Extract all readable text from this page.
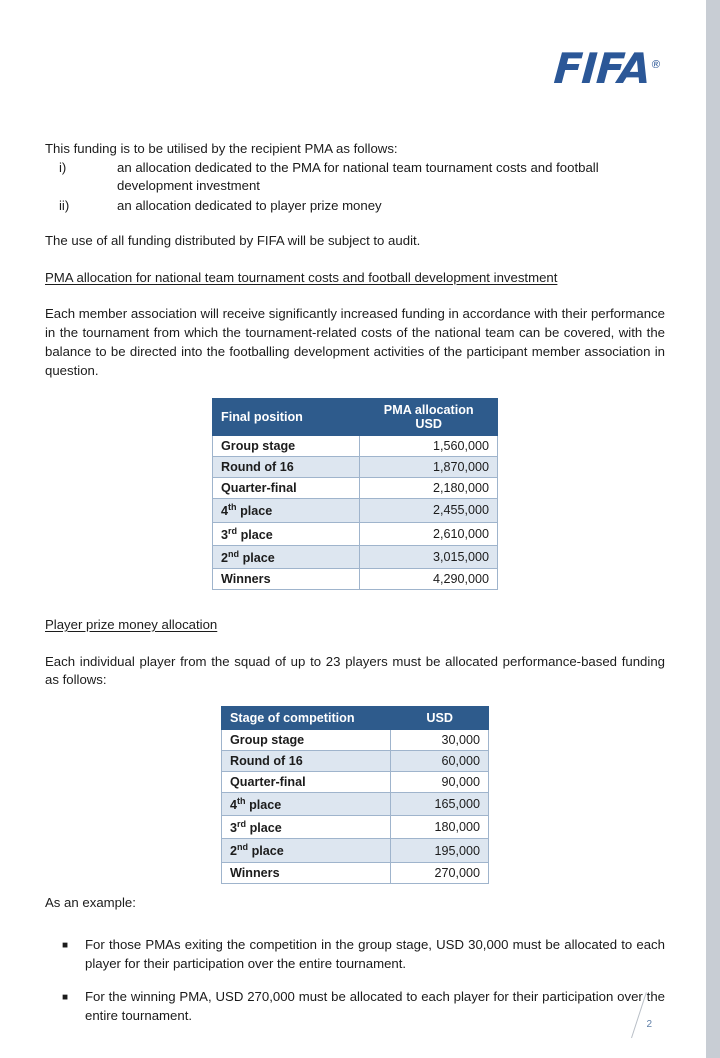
FIFA®

This funding is to be utilised by the recipient PMA as follows:

i)	an allocation dedicated to the PMA for national team tournament costs and football development investment
ii)	an allocation dedicated to player prize money

The use of all funding distributed by FIFA will be subject to audit.

PMA allocation for national team tournament costs and football development investment

Each member association will receive significantly increased funding in accordance with their performance in the tournament from which the tournament-related costs of the national team can be covered, with the balance to be directed into the footballing development activities of the participant member association in question.

Final position	PMA allocation
USD
Group stage	1,560,000
Round of 16	1,870,000
Quarter-final	2,180,000
4th place	2,455,000
3rd place	2,610,000
2nd place	3,015,000
Winners	4,290,000

Player prize money allocation

Each individual player from the squad of up to 23 players must be allocated performance-based funding as follows:

Stage of competition	USD
Group stage	30,000
Round of 16	60,000
Quarter-final	90,000
4th place	165,000
3rd place	180,000
2nd place	195,000
Winners	270,000

As an example:

■	For those PMAs exiting the competition in the group stage, USD 30,000 must be allocated to each player for their participation over the entire tournament.
■	For the winning PMA, USD 270,000 must be allocated to each player for their participation over the entire tournament.
2
